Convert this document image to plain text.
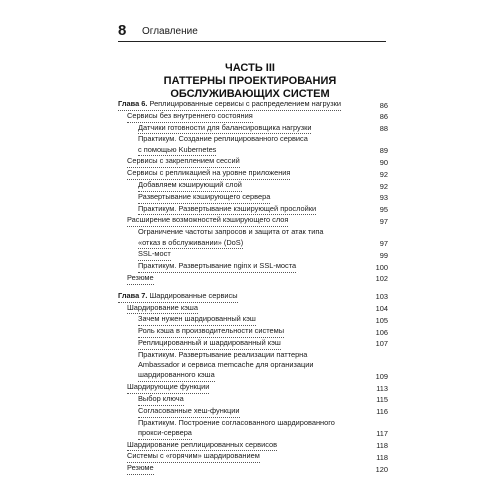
8 Оглавление
ЧАСТЬ III
ПАТТЕРНЫ ПРОЕКТИРОВАНИЯ
ОБСЛУЖИВАЮЩИХ СИСТЕМ
Глава 6. Реплицированные сервисы с распределением нагрузки	86
Сервисы без внутреннего состояния	86
Датчики готовности для балансировщика нагрузки	88
Практикум. Создание реплицированного сервиса
с помощью Kubernetes	89
Сервисы с закреплением сессий	90
Сервисы с репликацией на уровне приложения	92
Добавляем кэширующий слой	92
Развертывание кэширующего сервера	93
Практикум. Развертывание кэширующей прослойки	95
Расширение возможностей кэширующего слоя	97
Ограничение частоты запросов и защита от атак типа
«отказ в обслуживании» (DoS)	97
SSL-мост	99
Практикум. Развертывание nginx и SSL-моста	100
Резюме	102
Глава 7. Шардированные сервисы	103
Шардирование кэша	104
Зачем нужен шардированный кэш	105
Роль кэша в производительности системы	106
Реплицированный и шардированный кэш	107
Практикум. Развертывание реализации паттерна
Ambassador и сервиса memcache для организации
шардированного кэша	109
Шардирующие функции	113
Выбор ключа	115
Согласованные хеш-функции	116
Практикум. Построение согласованного шардированного
прокси-сервера	117
Шардирование реплицированных сервисов	118
Системы с «горячим» шардированием	118
Резюме	120
